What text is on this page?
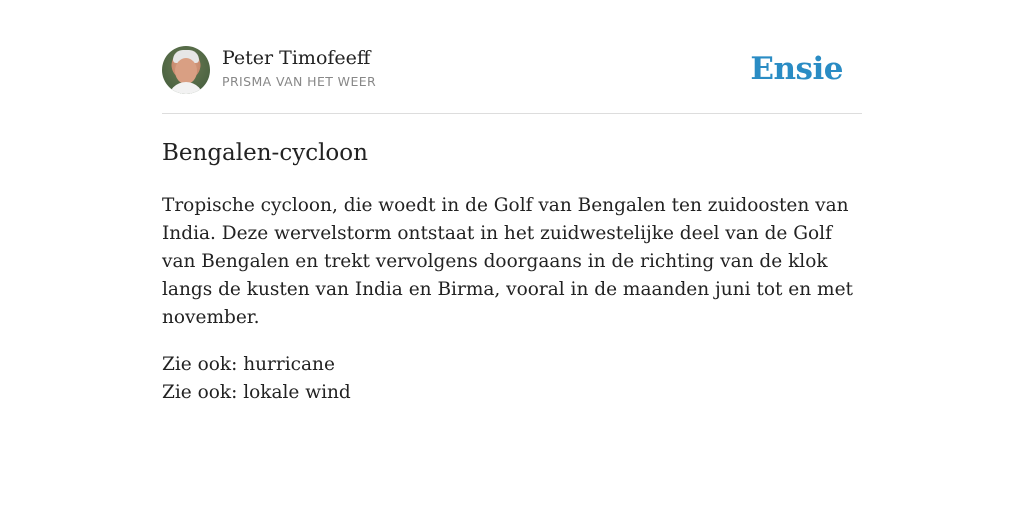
Peter Timofeeff
PRISMA VAN HET WEER	Ensie
Bengalen-cycloon

Tropische cycloon, die woedt in de Golf van Bengalen ten zuidoosten van India. Deze wervelstorm ontstaat in het zuidwestelijke deel van de Golf van Bengalen en trekt vervolgens doorgaans in de richting van de klok langs de kusten van India en Birma, vooral in de maanden juni tot en met november.

Zie ook: hurricane
Zie ook: lokale wind
